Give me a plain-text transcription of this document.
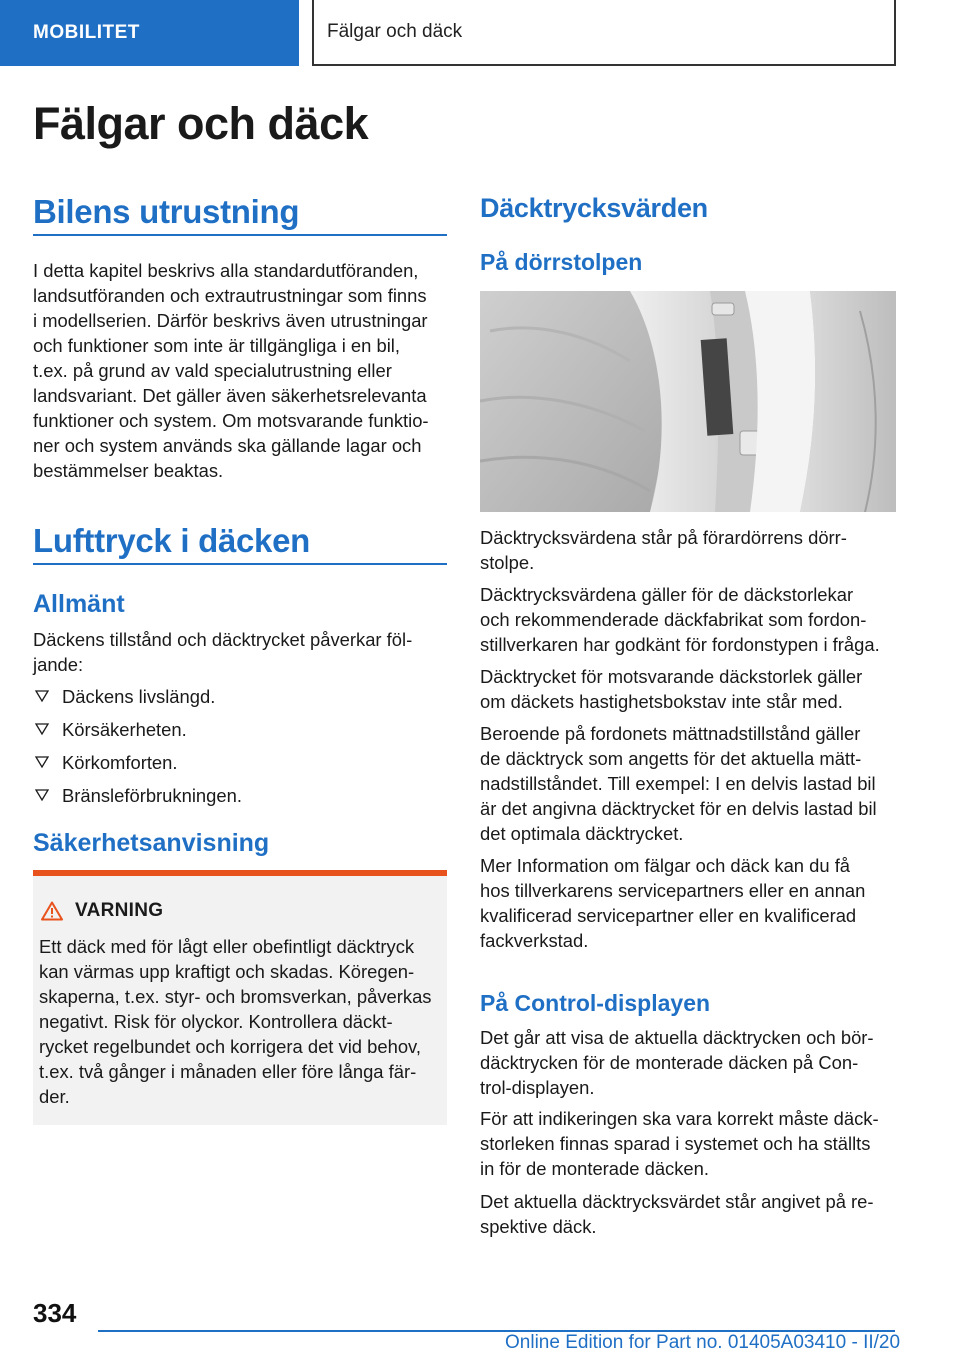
MOBILITET	Fälgar och däck
Fälgar och däck
Bilens utrustning

I detta kapitel beskrivs alla standardutföranden,
landsutföranden och extrautrustningar som finns
i modellserien. Därför beskrivs även utrustningar
och funktioner som inte är tillgängliga i en bil,
t.ex. på grund av vald specialutrustning eller
landsvariant. Det gäller även säkerhetsrelevanta
funktioner och system. Om motsvarande funktio-
ner och system används ska gällande lagar och
bestämmelser beaktas.

Lufttryck i däcken
Allmänt

Däckens tillstånd och däcktrycket påverkar föl-
jande:

Däckens livslängd.
Körsäkerheten.
Körkomforten.
Bränsleförbrukningen.
Säkerhetsanvisning
VARNING

Ett däck med för lågt eller obefintligt däcktryck
kan värmas upp kraftigt och skadas. Köregen-
skaperna, t.ex. styr- och bromsverkan, påverkas
negativt. Risk för olyckor. Kontrollera däckt-
rycket regelbundet och korrigera det vid behov,
t.ex. två gånger i månaden eller före långa fär-
der.

Däcktrycksvärden
På dörrstolpen

Däcktrycksvärdena står på förardörrens dörr-
stolpe.

Däcktrycksvärdena gäller för de däckstorlekar
och rekommenderade däckfabrikat som fordon-
stillverkaren har godkänt för fordonstypen i fråga.

Däcktrycket för motsvarande däckstorlek gäller
om däckets hastighetsbokstav inte står med.

Beroende på fordonets mättnadstillstånd gäller
de däcktryck som angetts för det aktuella mätt-
nadstillståndet. Till exempel: I en delvis lastad bil
är det angivna däcktrycket för en delvis lastad bil
det optimala däcktrycket.

Mer Information om fälgar och däck kan du få
hos tillverkarens servicepartners eller en annan
kvalificerad servicepartner eller en kvalificerad
fackverkstad.

På Control-displayen

Det går att visa de aktuella däcktrycken och bör-
däcktrycken för de monterade däcken på Con-
trol-displayen.

För att indikeringen ska vara korrekt måste däck-
storleken finnas sparad i systemet och ha ställts
in för de monterade däcken.

Det aktuella däcktrycksvärdet står angivet på re-
spektive däck.

334
Online Edition for Part no. 01405A03410 - II/20
